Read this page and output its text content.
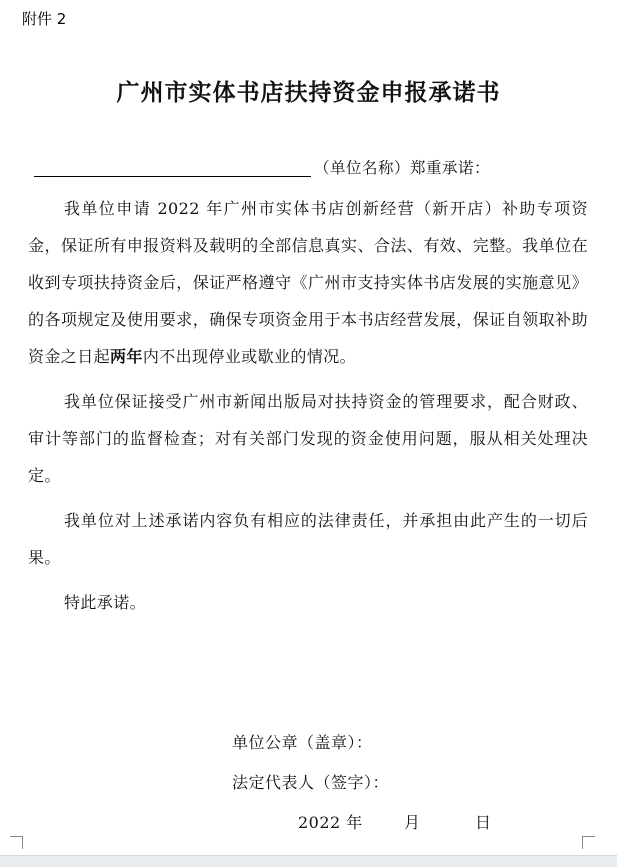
附件 2
广州市实体书店扶持资金申报承诺书
（单位名称）郑重承诺：

我单位申请 2022 年广州市实体书店创新经营（新开店）补助专项资金，保证所有申报资料及载明的全部信息真实、合法、有效、完整。我单位在收到专项扶持资金后，保证严格遵守《广州市支持实体书店发展的实施意见》的各项规定及使用要求，确保专项资金用于本书店经营发展，保证自领取补助资金之日起两年内不出现停业或歇业的情况。

我单位保证接受广州市新闻出版局对扶持资金的管理要求，配合财政、审计等部门的监督检查；对有关部门发现的资金使用问题，服从相关处理决定。

我单位对上述承诺内容负有相应的法律责任，并承担由此产生的一切后果。

特此承诺。

单位公章（盖章）：
法定代表人（签字）：
2022 年	月	日
